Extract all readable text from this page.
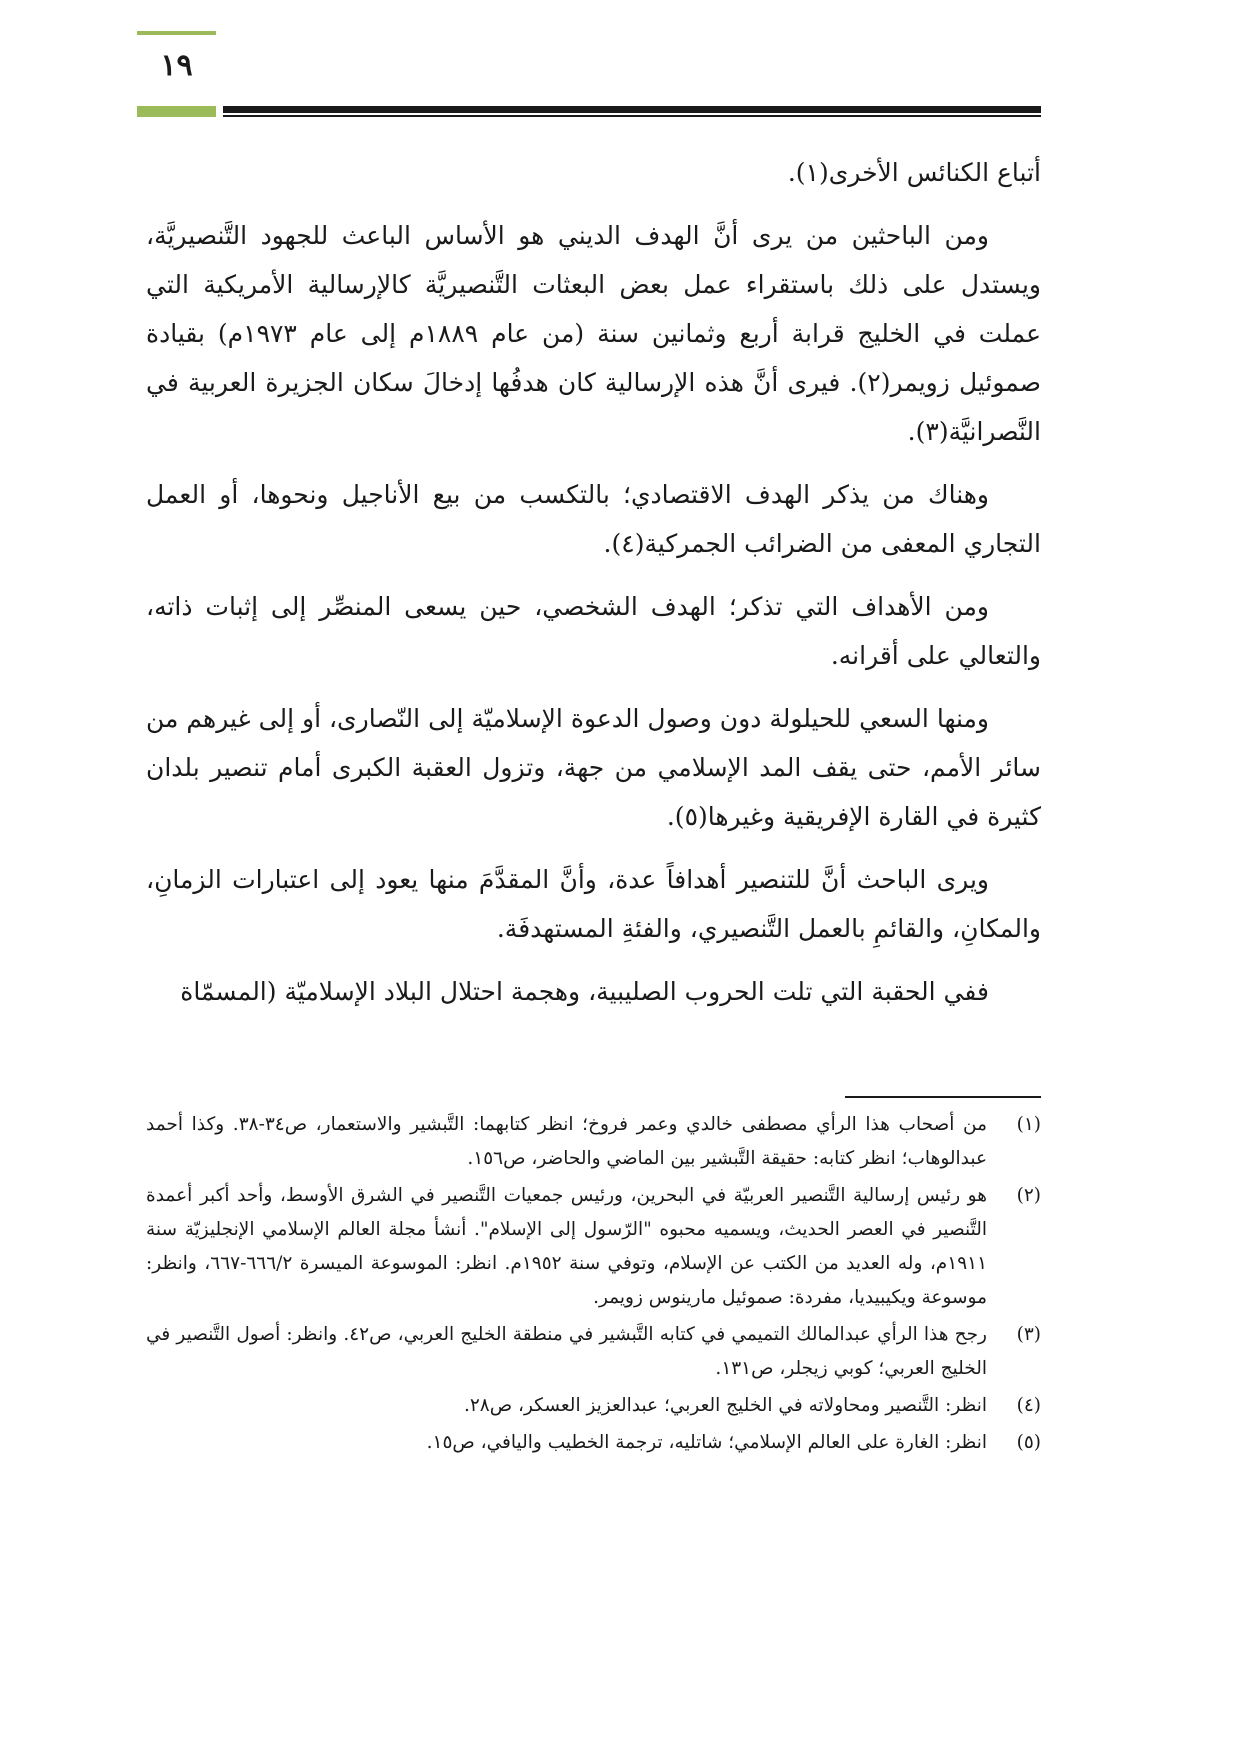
١٩

أتباع الكنائس الأخرى(١).

ومن الباحثين من يرى أنَّ الهدف الديني هو الأساس الباعث للجهود التَّنصيريَّة، ويستدل على ذلك باستقراء عمل بعض البعثات التَّنصيريَّة كالإرسالية الأمريكية التي عملت في الخليج قرابة أربع وثمانين سنة (من عام ١٨٨٩م إلى عام ١٩٧٣م) بقيادة صموئيل زويمر(٢). فيرى أنَّ هذه الإرسالية كان هدفُها إدخالَ سكان الجزيرة العربية في النَّصرانيَّة(٣).

وهناك من يذكر الهدف الاقتصادي؛ بالتكسب من بيع الأناجيل ونحوها، أو العمل التجاري المعفى من الضرائب الجمركية(٤).

ومن الأهداف التي تذكر؛ الهدف الشخصي، حين يسعى المنصِّر إلى إثبات ذاته، والتعالي على أقرانه.

ومنها السعي للحيلولة دون وصول الدعوة الإسلاميّة إلى النّصارى، أو إلى غيرهم من سائر الأمم، حتى يقف المد الإسلامي من جهة، وتزول العقبة الكبرى أمام تنصير بلدان كثيرة في القارة الإفريقية وغيرها(٥).

ويرى الباحث أنَّ للتنصير أهدافاً عدة، وأنَّ المقدَّمَ منها يعود إلى اعتبارات الزمانِ، والمكانِ، والقائمِ بالعمل التَّنصيري، والفئةِ المستهدفَة.

ففي الحقبة التي تلت الحروب الصليبية، وهجمة احتلال البلاد الإسلاميّة (المسمّاة

(١)
من أصحاب هذا الرأي مصطفى خالدي وعمر فروخ؛ انظر كتابهما: التَّبشير والاستعمار، ص٣٤-٣٨. وكذا أحمد عبدالوهاب؛ انظر كتابه: حقيقة التَّبشير بين الماضي والحاضر، ص١٥٦.
(٢)
هو رئيس إرسالية التَّنصير العربيّة في البحرين، ورئيس جمعيات التَّنصير في الشرق الأوسط، وأحد أكبر أعمدة التَّنصير في العصر الحديث، ويسميه محبوه "الرّسول إلى الإسلام". أنشأ مجلة العالم الإسلامي الإنجليزيّة سنة ١٩١١م، وله العديد من الكتب عن الإسلام، وتوفي سنة ١٩٥٢م. انظر: الموسوعة الميسرة ٦٦٦/٢-٦٦٧، وانظر: موسوعة ويكيبيديا، مفردة: صموئيل مارينوس زويمر.
(٣)
رجح هذا الرأي عبدالمالك التميمي في كتابه التَّبشير في منطقة الخليج العربي، ص٤٢. وانظر: أصول التَّنصير في الخليج العربي؛ كوبي زيجلر، ص١٣١.
(٤)
انظر: التَّنصير ومحاولاته في الخليج العربي؛ عبدالعزيز العسكر، ص٢٨.
(٥)
انظر: الغارة على العالم الإسلامي؛ شاتليه، ترجمة الخطيب واليافي، ص١٥.
